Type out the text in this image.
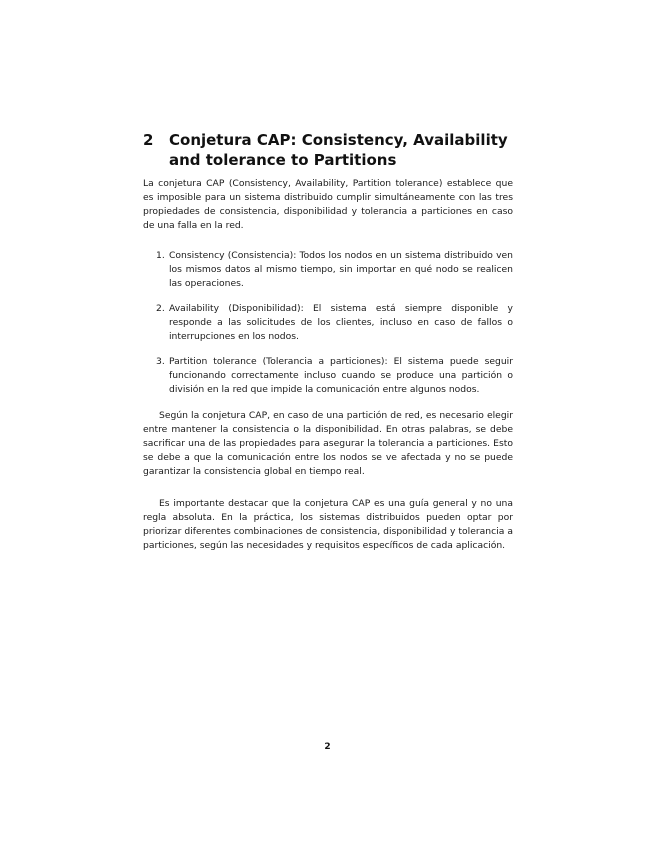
2	Conjetura CAP: Consistency, Availability and tolerance to Partitions

La conjetura CAP (Consistency, Availability, Partition tolerance) establece que es imposible para un sistema distribuido cumplir simultáneamente con las tres propiedades de consistencia, disponibilidad y tolerancia a particiones en caso de una falla en la red.

1. Consistency (Consistencia): Todos los nodos en un sistema distribuido ven los mismos datos al mismo tiempo, sin importar en qué nodo se realicen las operaciones.
2. Availability (Disponibilidad): El sistema está siempre disponible y responde a las solicitudes de los clientes, incluso en caso de fallos o interrupciones en los nodos.
3. Partition tolerance (Tolerancia a particiones): El sistema puede seguir funcionando correctamente incluso cuando se produce una partición o división en la red que impide la comunicación entre algunos nodos.

Según la conjetura CAP, en caso de una partición de red, es necesario elegir entre mantener la consistencia o la disponibilidad. En otras palabras, se debe sacrificar una de las propiedades para asegurar la tolerancia a particiones. Esto se debe a que la comunicación entre los nodos se ve afectada y no se puede garantizar la consistencia global en tiempo real.

Es importante destacar que la conjetura CAP es una guía general y no una regla absoluta. En la práctica, los sistemas distribuidos pueden optar por priorizar diferentes combinaciones de consistencia, disponibilidad y tolerancia a particiones, según las necesidades y requisitos específicos de cada aplicación.

2
